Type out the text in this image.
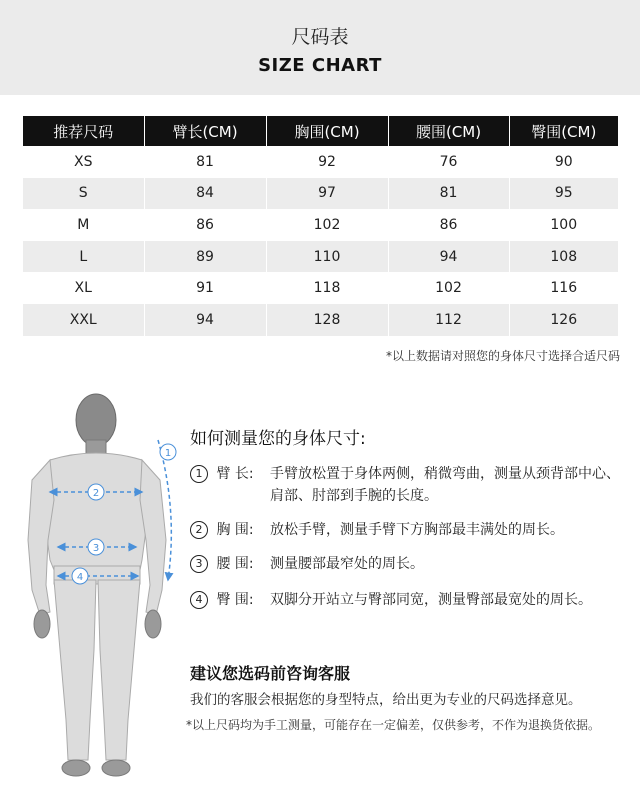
尺码表
SIZE CHART
推荐尺码	臂长(CM)	胸围(CM)	腰围(CM)	臀围(CM)
XS	81	92	76	90
S	84	97	81	95
M	86	102	86	100
L	89	110	94	108
XL	91	118	102	116
XXL	94	128	112	126
*以上数据请对照您的身体尺寸选择合适尺码
1
2
3
4
如何测量您的身体尺寸:
1 臂 长: 手臂放松置于身体两侧，稍微弯曲，测量从颈背部中心、肩部、肘部到手腕的长度。
2 胸 围: 放松手臂，测量手臂下方胸部最丰满处的周长。
3 腰 围: 测量腰部最窄处的周长。
4 臀 围: 双脚分开站立与臀部同宽，测量臀部最宽处的周长。
建议您选码前咨询客服
我们的客服会根据您的身型特点，给出更为专业的尺码选择意见。
*以上尺码均为手工测量，可能存在一定偏差，仅供参考，不作为退换货依据。
